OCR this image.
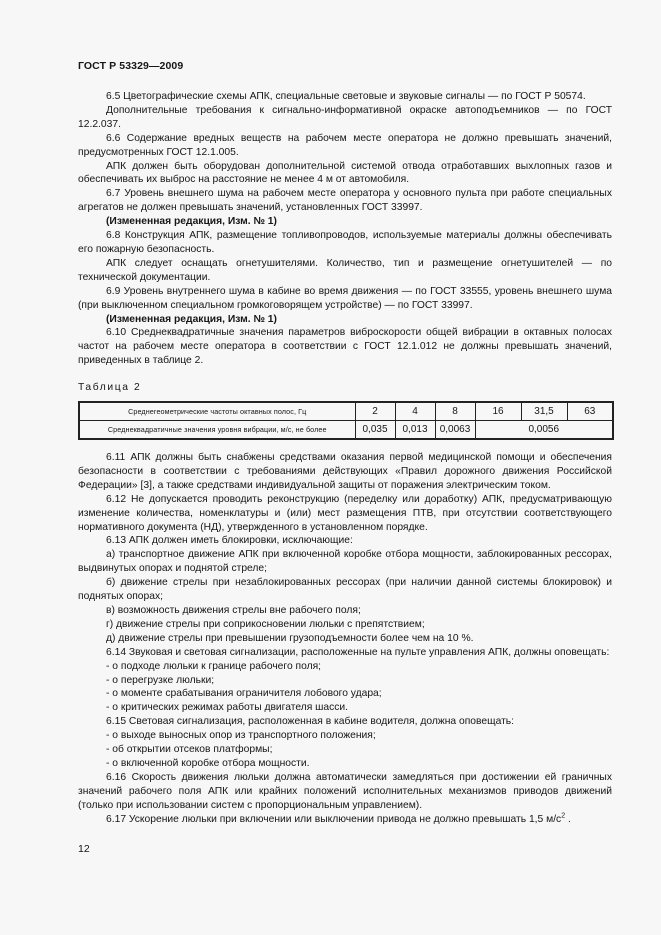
ГОСТ Р 53329—2009

6.5 Цветографические схемы АПК, специальные световые и звуковые сигналы — по ГОСТ Р 50574.

Дополнительные требования к сигнально-информативной окраске автоподъемников — по ГОСТ 12.2.037.

6.6 Содержание вредных веществ на рабочем месте оператора не должно превышать значений, предусмотренных ГОСТ 12.1.005.

АПК должен быть оборудован дополнительной системой отвода отработавших выхлопных газов и обеспечивать их выброс на расстояние не менее 4 м от автомобиля.

6.7 Уровень внешнего шума на рабочем месте оператора у основного пульта при работе специальных агрегатов не должен превышать значений, установленных ГОСТ 33997.

(Измененная редакция, Изм. № 1)

6.8 Конструкция АПК, размещение топливопроводов, используемые материалы должны обеспечивать его пожарную безопасность.

АПК следует оснащать огнетушителями. Количество, тип и размещение огнетушителей — по технической документации.

6.9 Уровень внутреннего шума в кабине во время движения — по ГОСТ 33555, уровень внешнего шума (при выключенном специальном громкоговорящем устройстве) — по ГОСТ 33997.

(Измененная редакция, Изм. № 1)

6.10 Среднеквадратичные значения параметров виброскорости общей вибрации в октавных полосах частот на рабочем месте оператора в соответствии с ГОСТ 12.1.012 не должны превышать значений, приведенных в таблице 2.

Таблица 2
Среднегеометрические частоты октавных полос, Гц	2	4	8	16	31,5	63
Среднеквадратичные значения уровня вибрации, м/с, не более	0,035	0,013	0,0063	0,0056		

6.11 АПК должны быть снабжены средствами оказания первой медицинской помощи и обеспечения безопасности в соответствии с требованиями действующих «Правил дорожного движения Российской Федерации» [3], а также средствами индивидуальной защиты от поражения электрическим током.

6.12 Не допускается проводить реконструкцию (переделку или доработку) АПК, предусматривающую изменение количества, номенклатуры и (или) мест размещения ПТВ, при отсутствии соответствующего нормативного документа (НД), утвержденного в установленном порядке.

6.13 АПК должен иметь блокировки, исключающие:

а) транспортное движение АПК при включенной коробке отбора мощности, заблокированных рессорах, выдвинутых опорах и поднятой стреле;

б) движение стрелы при незаблокированных рессорах (при наличии данной системы блокировок) и поднятых опорах;

в) возможность движения стрелы вне рабочего поля;

г) движение стрелы при соприкосновении люльки с препятствием;

д) движение стрелы при превышении грузоподъемности более чем на 10 %.

6.14 Звуковая и световая сигнализации, расположенные на пульте управления АПК, должны оповещать:

- о подходе люльки к границе рабочего поля;

- о перегрузке люльки;

- о моменте срабатывания ограничителя лобового удара;

- о критических режимах работы двигателя шасси.

6.15 Световая сигнализация, расположенная в кабине водителя, должна оповещать:

- о выходе выносных опор из транспортного положения;

- об открытии отсеков платформы;

- о включенной коробке отбора мощности.

6.16 Скорость движения люльки должна автоматически замедляться при достижении ей граничных значений рабочего поля АПК или крайних положений исполнительных механизмов приводов движений (только при использовании систем с пропорциональным управлением).

6.17 Ускорение люльки при включении или выключении привода не должно превышать 1,5 $м/с^2$ .

12
